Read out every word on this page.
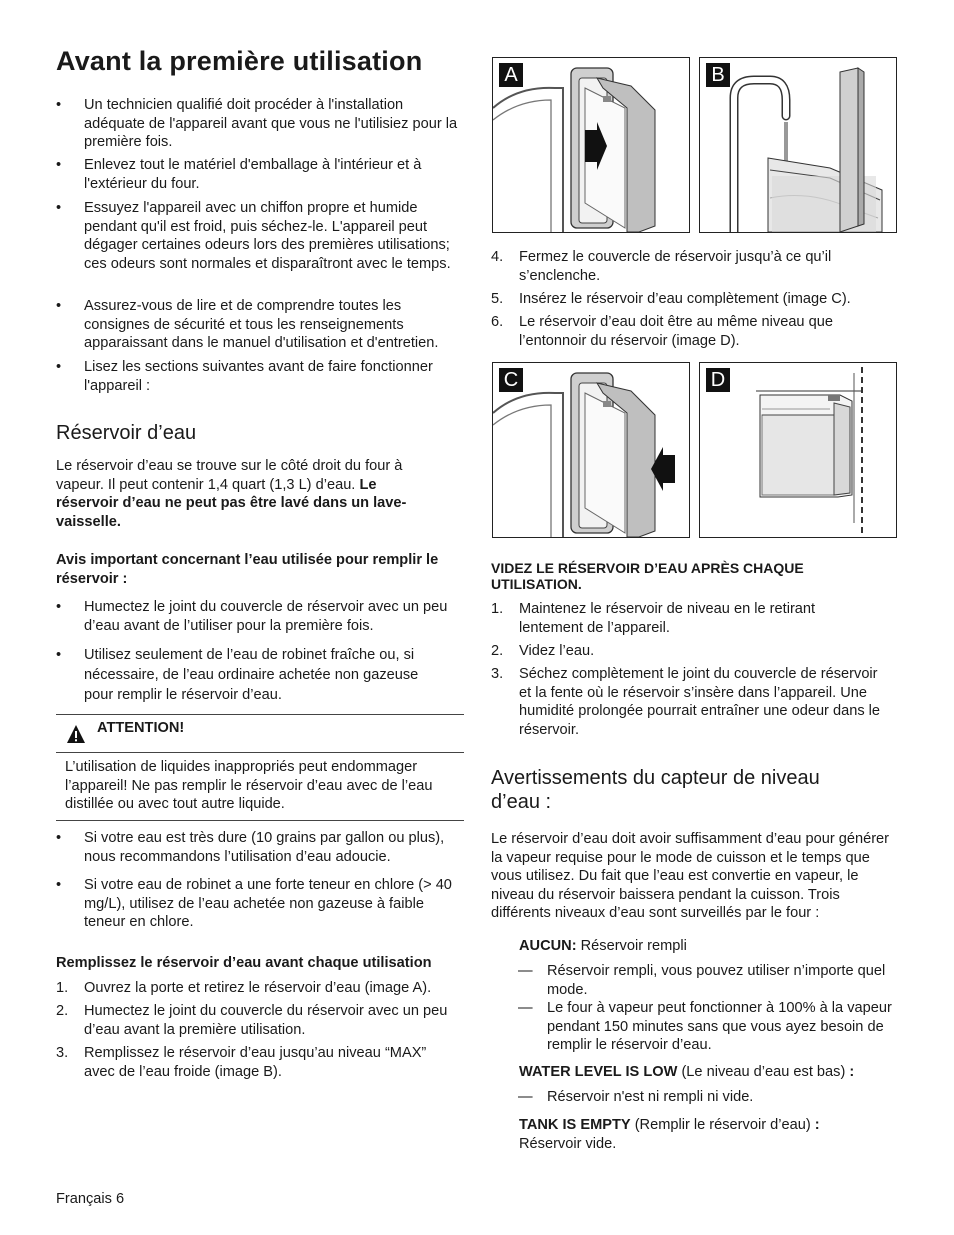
Avant la première utilisation
•	Un technicien qualifié doit procéder à l'installation adéquate de l'appareil avant que vous ne l'utilisiez pour la première fois.
•	Enlevez tout le matériel d'emballage à l'intérieur et à l'extérieur du four.
•	Essuyez l'appareil avec un chiffon propre et humide pendant qu'il est froid, puis séchez-le. L'appareil peut dégager certaines odeurs lors des premières utilisations; ces odeurs sont normales et disparaîtront avec le temps.
•	Assurez-vous de lire et de comprendre toutes les consignes de sécurité et tous les renseignements apparaissant dans le manuel d'utilisation et d'entretien.
•	Lisez les sections suivantes avant de faire fonctionner l'appareil :
Réservoir d’eau

Le réservoir d’eau se trouve sur le côté droit du four à vapeur. Il peut contenir 1,4 quart (1,3 L) d’eau. Le réservoir d’eau ne peut pas être lavé dans un lave-vaisselle.

Avis important concernant l’eau utilisée pour remplir le réservoir :

•	Humectez le joint du couvercle de réservoir avec un peu d’eau avant de l’utiliser pour la première fois.
•	Utilisez seulement de l’eau de robinet fraîche ou, si nécessaire, de l’eau ordinaire achetée non gazeuse pour remplir le réservoir d’eau.
ATTENTION!

L’utilisation de liquides inappropriés peut endommager l’appareil! Ne pas remplir le réservoir d’eau avec de l’eau distillée ou avec tout autre liquide.

•	Si votre eau est très dure (10 grains par gallon ou plus), nous recommandons l’utilisation d’eau adoucie.
•	Si votre eau de robinet a une forte teneur en chlore (> 40 mg/L), utilisez de l’eau achetée non gazeuse à faible teneur en chlore.

Remplissez le réservoir d’eau avant chaque utilisation

1. Ouvrez la porte et retirez le réservoir d’eau (image A).
2. Humectez le joint du couvercle du réservoir avec un peu d’eau avant la première utilisation.
3. Remplissez le réservoir d’eau jusqu’au niveau “MAX” avec de l’eau froide (image B).

Français 6

A	B
4. Fermez le couvercle de réservoir jusqu’à ce qu’il s’enclenche.
5. Insérez le réservoir d’eau complètement (image C).
6. Le réservoir d’eau doit être au même niveau que l’entonnoir du réservoir (image D).
C	D

VIDEZ LE RÉSERVOIR D’EAU APRÈS CHAQUE UTILISATION.

1. Maintenez le réservoir de niveau en le retirant lentement de l’appareil.
2. Videz l’eau.
3. Séchez complètement le joint du couvercle de réservoir et la fente où le réservoir s’insère dans l’appareil. Une humidité prolongée pourrait entraîner une odeur dans le réservoir.
Avertissements du capteur de niveau d’eau :

Le réservoir d’eau doit avoir suffisamment d’eau pour générer la vapeur requise pour le mode de cuisson et le temps que vous utilisez. Du fait que l’eau est convertie en vapeur, le niveau du réservoir baissera pendant la cuisson. Trois différents niveaux d’eau sont surveillés par le four :

AUCUN: Réservoir rempli

— Réservoir rempli, vous pouvez utiliser n’importe quel mode.
— Le four à vapeur peut fonctionner à 100% à la vapeur pendant 150 minutes sans que vous ayez besoin de remplir le réservoir d’eau.

WATER LEVEL IS LOW (Le niveau d’eau est bas) :

— Réservoir n'est ni rempli ni vide.

TANK IS EMPTY (Remplir le réservoir d’eau) :
Réservoir vide.
